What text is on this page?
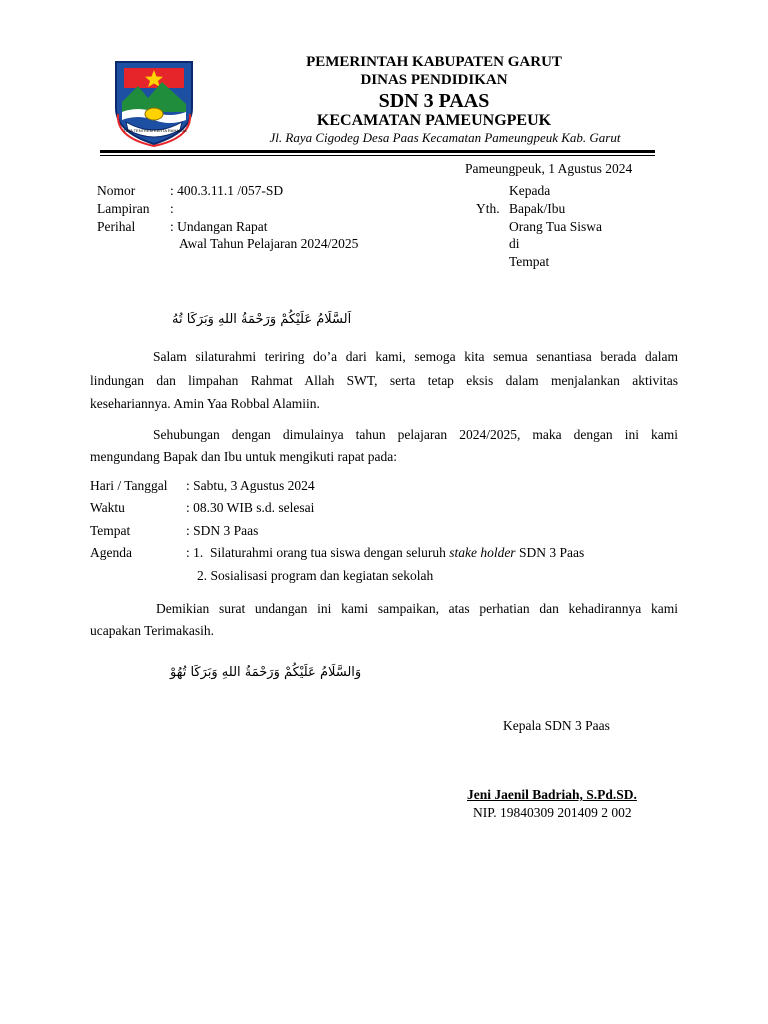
TATA TENTREM KERTA RAHARJA
PEMERINTAH KABUPATEN GARUT
DINAS PENDIDIKAN
SDN 3 PAAS
KECAMATAN PAMEUNGPEUK
Jl. Raya Cigodeg Desa Paas Kecamatan Pameungpeuk Kab. Garut
Pameungpeuk, 1 Agustus 2024
Nomor	: 400.3.11.1 /057-SD
Lampiran :
Perihal	: Undangan Rapat
Awal Tahun Pelajaran 2024/2025
Kepada
Yth. Bapak/Ibu
Orang Tua Siswa
di
Tempat
اَلسَّلَامُ عَلَيْكُمْ وَرَحْمَةُ اللهِ وَبَرَكَا تُهُ
Salam silaturahmi teriring do’a dari kami, semoga kita semua senantiasa berada dalam
lindungan dan limpahan Rahmat Allah SWT, serta tetap eksis dalam menjalankan aktivitas
kesehariannya. Amin Yaa Robbal Alamiin.
Sehubungan dengan dimulainya tahun pelajaran 2024/2025, maka dengan ini kami
mengundang Bapak dan Ibu untuk mengikuti rapat pada:
Hari / Tanggal : Sabtu, 3 Agustus 2024
Waktu	: 08.30 WIB s.d. selesai
Tempat	: SDN 3 Paas
Agenda	: 1.  Silaturahmi orang tua siswa dengan seluruh stake holder SDN 3 Paas
2. Sosialisasi program dan kegiatan sekolah
Demikian surat undangan ini kami sampaikan, atas perhatian dan kehadirannya kami
ucapakan Terimakasih.
وَالسَّلَامُ عَلَيْكُمْ وَرَحْمَةُ اللهِ وَبَرَكَا تُهُوْ
Kepala SDN 3 Paas
Jeni Jaenil Badriah, S.Pd.SD.
NIP. 19840309 201409 2 002
